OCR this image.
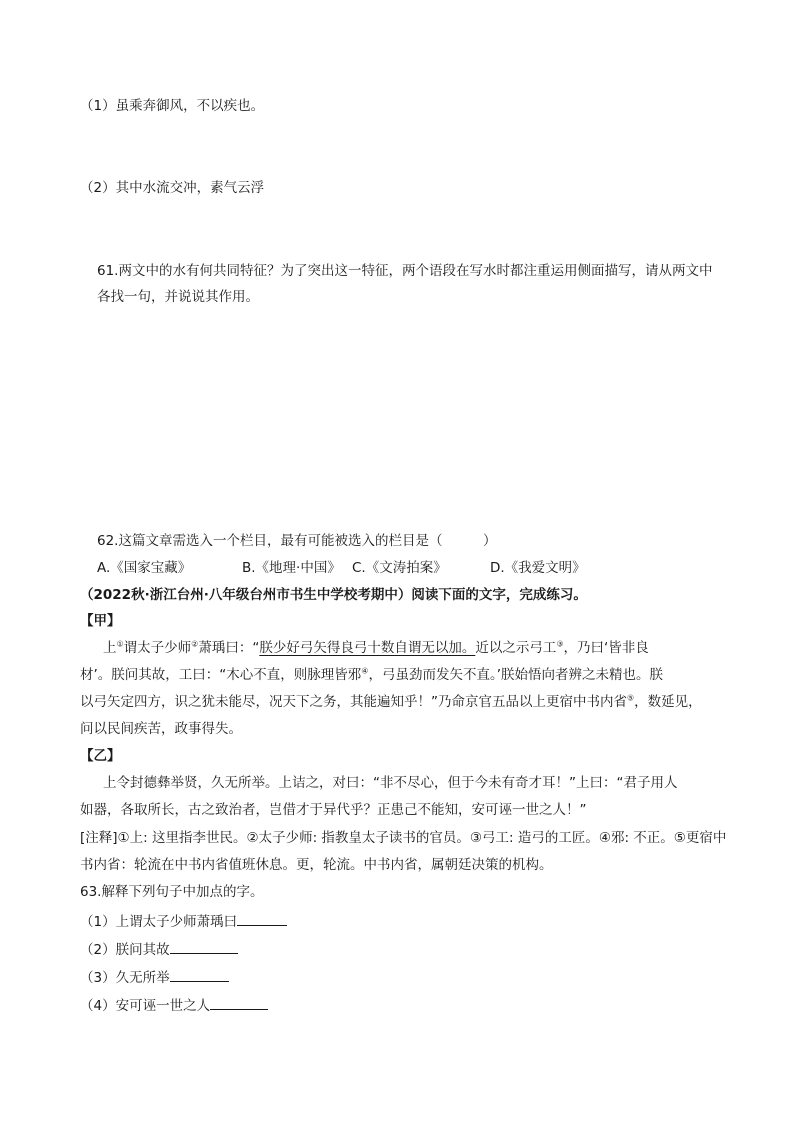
（1）虽乘奔御风，不以疾也。
（2）其中水流交冲，素气云浮
61.两文中的水有何共同特征？为了突出这一特征，两个语段在写水时都注重运用侧面描写，请从两文中
各找一句，并说说其作用。
62.这篇文章需选入一个栏目，最有可能被选入的栏目是（　　　）
A.《国家宝藏》	B.《地理·中国》 C.《文涛拍案》	D.《我爱文明》
（2022秋·浙江台州·八年级台州市书生中学校考期中）阅读下面的文字，完成练习。
【甲】
上①谓太子少师②萧瑀曰：“朕少好弓矢得良弓十数自谓无以加。近以之示弓工③，乃曰‘皆非良
材’。朕问其故，工曰：“木心不直，则脉理皆邪④，弓虽劲而发矢不直。’朕始悟向者辨之未精也。朕
以弓矢定四方，识之犹未能尽，况天下之务，其能遍知乎！”乃命京官五品以上更宿中书内省⑤，数延见，
问以民间疾苦，政事得失。
【乙】
上令封德彝举贤，久无所举。上诘之，对曰：“非不尽心，但于今未有奇才耳！”上曰：“君子用人
如器，各取所长，古之致治者，岂借才于异代乎？正患己不能知，安可诬一世之人！”
[注释]①上: 这里指李世民。②太子少师: 指教皇太子读书的官员。③弓工: 造弓的工匠。④邪: 不正。⑤更宿中
书内省：轮流在中书内省值班休息。更，轮流。中书内省，属朝廷决策的机构。
63.解释下列句子中加点的字。
（1）上谓太子少师萧瑀曰
（2）朕问其故
（3）久无所举
（4）安可诬一世之人
